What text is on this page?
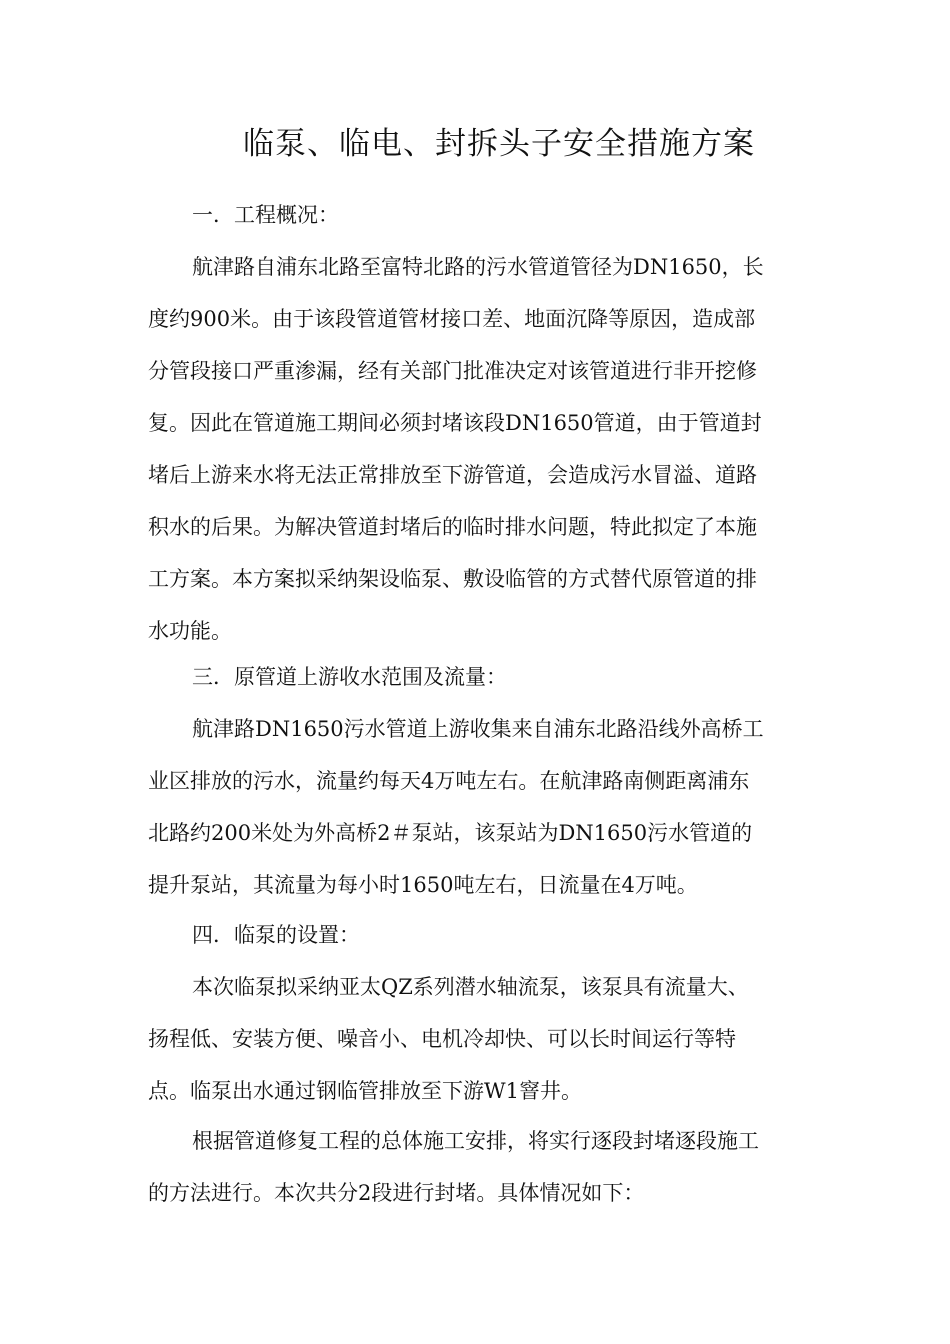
临泵、临电、封拆头子安全措施方案
一．工程概况：
航津路自浦东北路至富特北路的污水管道管径为DN1650，长
度约900米。由于该段管道管材接口差、地面沉降等原因，造成部
分管段接口严重渗漏，经有关部门批准决定对该管道进行非开挖修
复。因此在管道施工期间必须封堵该段DN1650管道，由于管道封
堵后上游来水将无法正常排放至下游管道，会造成污水冒溢、道路
积水的后果。为解决管道封堵后的临时排水问题，特此拟定了本施
工方案。本方案拟采纳架设临泵、敷设临管的方式替代原管道的排
水功能。
三．原管道上游收水范围及流量：
航津路DN1650污水管道上游收集来自浦东北路沿线外高桥工
业区排放的污水，流量约每天4万吨左右。在航津路南侧距离浦东
北路约200米处为外高桥2＃泵站，该泵站为DN1650污水管道的
提升泵站，其流量为每小时1650吨左右，日流量在4万吨。
四．临泵的设置：
本次临泵拟采纳亚太QZ系列潜水轴流泵，该泵具有流量大、
扬程低、安装方便、噪音小、电机冷却快、可以长时间运行等特
点。临泵出水通过钢临管排放至下游W1窨井。
根据管道修复工程的总体施工安排，将实行逐段封堵逐段施工
的方法进行。本次共分2段进行封堵。具体情况如下：
